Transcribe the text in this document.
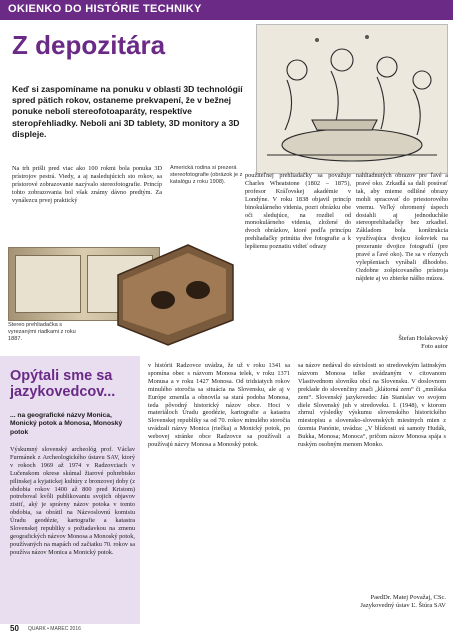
OKIENKO DO HISTÓRIE TECHNIKY
Z depozitára
Keď si zaspomíname na ponuku v oblasti 3D technológií spred pätich rokov, ostaneme prekvapení, že v bežnej ponuke neboli stereofotoaparáty, respektíve steropřehliadky. Neboli ani 3D tablety, 3D monitory a 3D displeje.

Na trh prišli pred viac ako 100 rokmi bola ponuka 3D prístrojov pestrá. Viedy, a aj nasledujúcich sto rokov, sa prístorové zobrazovanie nazývalo stereofotografie. Princíp tohto zobrazovania bol však známy dávno predtým. Za vynálezcu prvej praktický

Americká rodina si prezerá stereofotografie (obrázok je z katalógu z roku 1908).
Stereo prehliadačka s vyrezanými riadkami z roku 1887.

použiteľnej prehliadačky sa považuje Charles Wheatstone (1802 – 1875), profesor Kráľovskej akadémie v Londýne. V roku 1838 objavil princíp binokulárneho videnia, pozri obrázku obe oči sledujúce, na rozdiel od monokulárneho videnia, zložené do dvoch obrázkov, ktoré podľa princípu prehliadačky prinútia dve fotografie a k lepšiemu poznatiu vidieť odrazy

nahliadnutých obrazov pre ľavé a pravé oko. Zrkadlá sa dali posúvať tak, aby mieme odlišné obrazy mohli spracovať do priestorového vnemu. Veľký ohromený úspech dosiahli aj jednoduchšie stereoprehliadačky bez zrkadiel. Základom bola konštrukcia využívajúca dvojicu šošoviek na prezeranie dvojice fotografií (pre pravé a ľavé oko). Tie sa v rôznych vylepšeniach vyrábali dlhodobo. Ozdobne zošpicovaného prístroja nájdete aj vo zbierke nášho múzea.

Štefan Holakovský
Foto autor
Opýtali sme sa jazykovedcov...
... na geografické názvy Monica, Monický potok a Monosa, Monoský potok

Výskumný slovenský archeológ prof. Václav Furmánek z Archeologického ústavu SAV, ktorý v rokoch 1969 až 1974 v Radzovciach v Lučenskom okrese skúmal žiarové pohrebisko pilinskej a kyjatickej kultúry z bronzovej doby (z obdobia rokov 1400 až 800 pred Kristom) potreboval kvôli publikovaniu svojich objavov zistiť, aký je správny názov potoka v tomto obdobia, sa obrátil na Názvoslovnú komisiu Úradu geodézie, kartografie a katastra Slovenskej republiky s požiadavkou na zmenu geografických názvov Monosa a Monoský potok, používaných na mapách od začiatku 70. rokov sa používa názov Monica a Monický potok.

v histórii Radzovce uvádza, že už v roku 1341 sa spomína obec s názvom Monosa telek, v roku 1371 Monusa a v roku 1427 Monosa. Od tridsiatych rokov minulého storočia sa situácia na Slovensku, ale aj v Európe zmenila a obnovila sa stará podoba Monosa, teda pôvodný historický názov obce. Hoci v materiáloch Úradu geodézie, kartografie a katastra Slovenskej republiky sa od 70. rokov minulého storočia uvádzali názvy Monica (riečka) a Monický potok, po webovej stránke obce Radzovce sa používali a používajú názvy Monosa a Monoský potok.

sa názov nedával do súvislosti so stredovekým latinským názvom Monosa telke uvádzaným v citovanom Vlastivednom slovníku obcí na Slovensku. V doslovnom preklade do slovenčiny znači „klátorná zem“ či „mníšska zem“. Slovenský jazykovedec Ján Stanislav vo svojom diele Slovenský juh v stredoveku. I. (1948), v ktorom zhrnul výsledky výskumu slovenského historického miestopisu a slovensko-slovenských miestnych mien z územia Panónie, uvádza: „V blízkosti sú samoty Hudák, Bukka, Monosa; Monoca“, pričom názov Monosa spája s ruským osobným menom Monko.

PaedDr. Matej Považaj, CSc.
Jazykovedný ústav Ľ. Štúra SAV
50 QUARK • MAREC 2016
